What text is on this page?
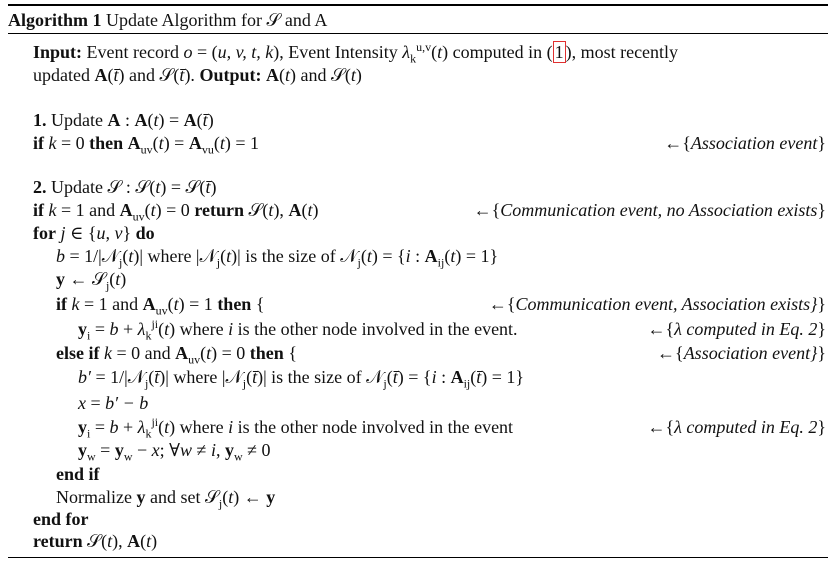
Algorithm 1 Update Algorithm for 𝒮 and A
Input: Event record o = (u, v, t, k), Event Intensity $\lambda_k^{u,v}(t)$ computed in ( 1 ), most recently
updated A(t̄) and 𝒮(t̄). Output: A(t) and 𝒮(t)
1. Update A : A(t) = A(t̄)
if k = 0 then $A_{uv}(t) = A_{vu}(t) = 1$	←{Association event}
2. Update 𝒮 : 𝒮(t) = 𝒮(t̄)
if k = 1 and $A_{uv}(t) = 0$ return 𝒮(t), A(t)	←{Communication event, no Association exists}
for j ∈ {u, v} do
b = 1/|𝒩$_j$(t)| where |𝒩$_j$(t)| is the size of 𝒩$_j$(t) = {i : $A_{ij}(t) = 1$}
y ← 𝒮$_j$(t)
if k = 1 and $A_{uv}(t) = 1$ then {	←{Communication event, Association exists}}
$y_i = b + \lambda_k^{ji}(t)$ where i is the other node involved in the event.	←{λ computed in Eq. 2}
else if k = 0 and $A_{uv}(t) = 0$ then {	←{Association event}}
b′ = 1/|𝒩$_j$(t̄)| where |𝒩$_j$(t̄)| is the size of 𝒩$_j$(t̄) = {i : $A_{ij}(t̄) = 1$}
x = b′ − b
$y_i = b + \lambda_k^{ji}(t)$ where i is the other node involved in the event	←{λ computed in Eq. 2}
$y_w = y_w - x$; ∀w ≠ i, $y_w \ne 0$
end if
Normalize y and set 𝒮$_j$(t) ← y
end for
return 𝒮(t), A(t)
